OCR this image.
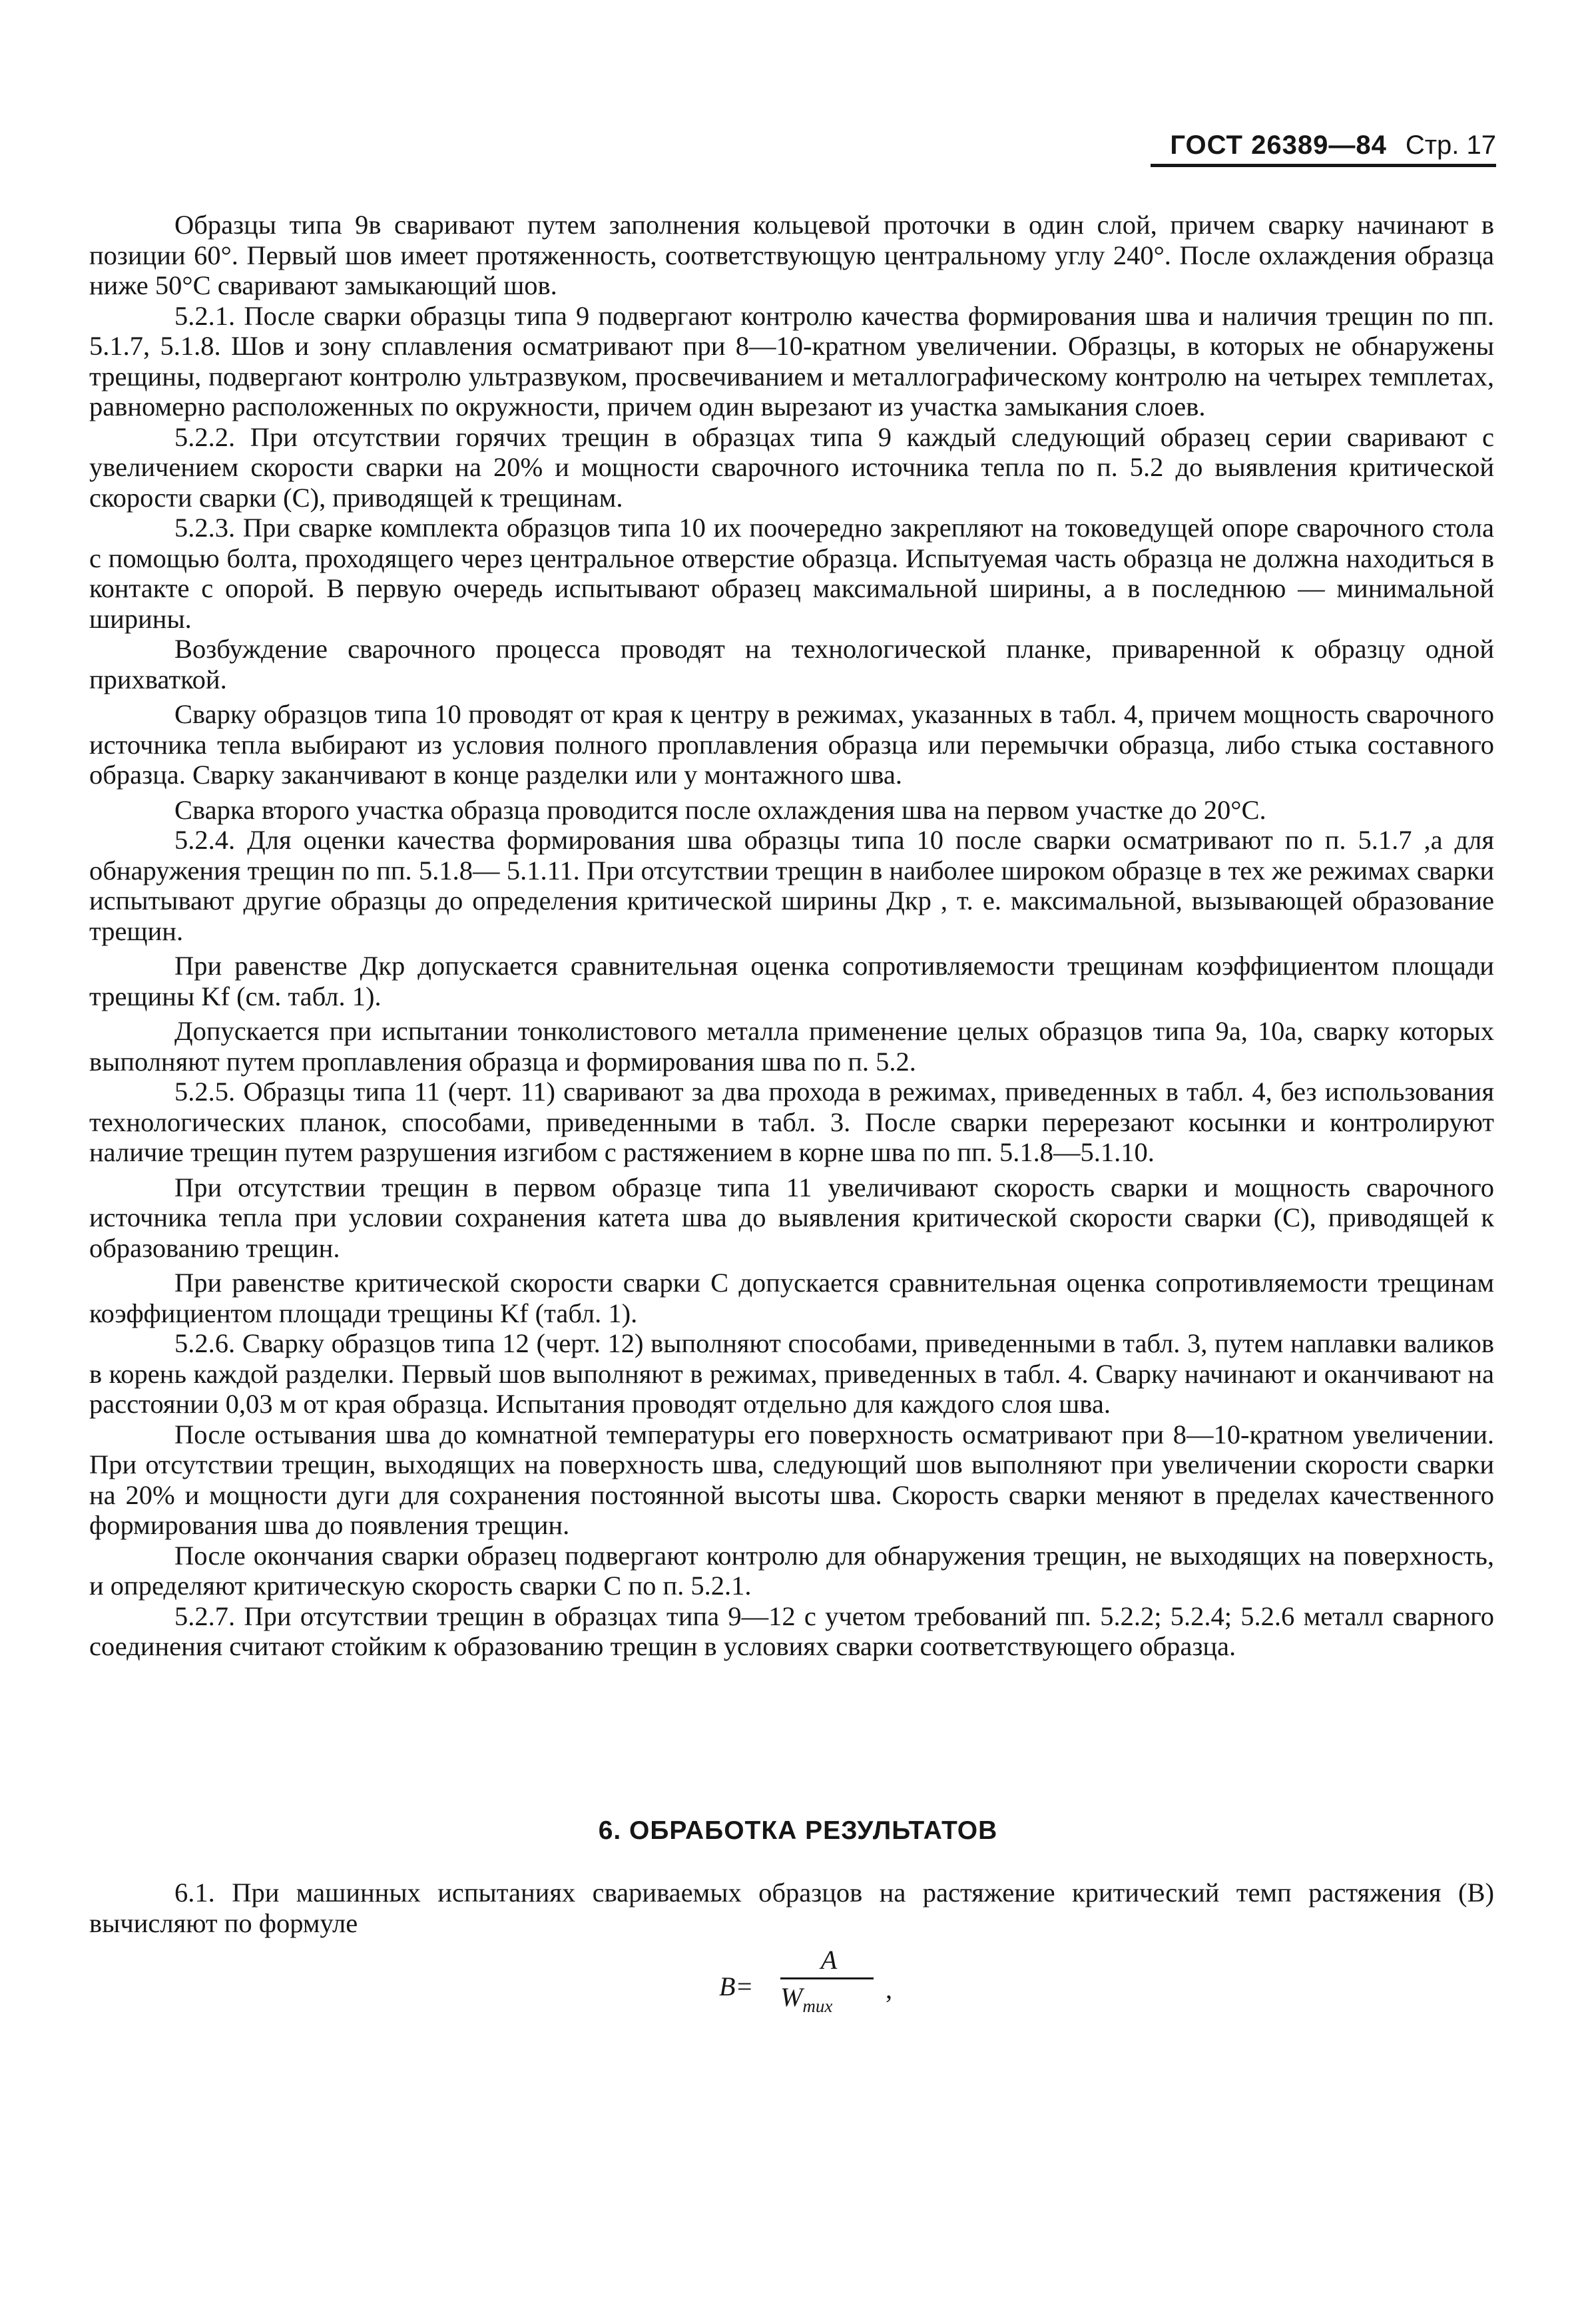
ГОСТ 26389—84 Стр. 17

Образцы типа 9в сваривают путем заполнения кольцевой проточки в один слой, причем сварку начинают в позиции 60°. Первый шов имеет протяженность, соответствующую центральному углу 240°. После охлаждения образца ниже 50°С сваривают замыкающий шов.

5.2.1. После сварки образцы типа 9 подвергают контролю качества формирования шва и наличия трещин по пп. 5.1.7, 5.1.8. Шов и зону сплавления осматривают при 8—10-кратном увеличении. Образцы, в которых не обнаружены трещины, подвергают контролю ультразвуком, просвечиванием и металлографическому контролю на четырех темплетах, равномерно расположенных по окружности, причем один вырезают из участка замыкания слоев.

5.2.2. При отсутствии горячих трещин в образцах типа 9 каждый следующий образец серии сваривают с увеличением скорости сварки на 20% и мощности сварочного источника тепла по п. 5.2 до выявления критической скорости сварки (С), приводящей к трещинам.

5.2.3. При сварке комплекта образцов типа 10 их поочередно закрепляют на токоведущей опоре сварочного стола с помощью болта, проходящего через центральное отверстие образца. Испытуемая часть образца не должна находиться в контакте с опорой. В первую очередь испытывают образец максимальной ширины, а в последнюю — минимальной ширины.

Возбуждение сварочного процесса проводят на технологической планке, приваренной к образцу одной прихваткой.

Сварку образцов типа 10 проводят от края к центру в режимах, указанных в табл. 4, причем мощность сварочного источника тепла выбирают из условия полного проплавления образца или перемычки образца, либо стыка составного образца. Сварку заканчивают в конце разделки или у монтажного шва.

Сварка второго участка образца проводится после охлаждения шва на первом участке до 20°С.

5.2.4. Для оценки качества формирования шва образцы типа 10 после сварки осматривают по п. 5.1.7 ,а для обнаружения трещин по пп. 5.1.8— 5.1.11. При отсутствии трещин в наиболее широком образце в тех же режимах сварки испытывают другие образцы до определения критической ширины Дкр , т. е. максимальной, вызывающей образование трещин.

При равенстве Дкр допускается сравнительная оценка сопротивляемости трещинам коэффициентом площади трещины Kf (см. табл. 1).

Допускается при испытании тонколистового металла применение целых образцов типа 9а, 10а, сварку которых выполняют путем проплавления образца и формирования шва по п. 5.2.

5.2.5. Образцы типа 11 (черт. 11) сваривают за два прохода в режимах, приведенных в табл. 4, без использования технологических планок, способами, приведенными в табл. 3. После сварки перерезают косынки и контролируют наличие трещин путем разрушения изгибом с растяжением в корне шва по пп. 5.1.8—5.1.10.

При отсутствии трещин в первом образце типа 11 увеличивают скорость сварки и мощность сварочного источника тепла при условии сохранения катета шва до выявления критической скорости сварки (С), приводящей к образованию трещин.

При равенстве критической скорости сварки С допускается сравнительная оценка сопротивляемости трещинам коэффициентом площади трещины Kf (табл. 1).

5.2.6. Сварку образцов типа 12 (черт. 12) выполняют способами, приведенными в табл. 3, путем наплавки валиков в корень каждой разделки. Первый шов выполняют в режимах, приведенных в табл. 4. Сварку начинают и оканчивают на расстоянии 0,03 м от края образца. Испытания проводят отдельно для каждого слоя шва.

После остывания шва до комнатной температуры его поверхность осматривают при 8—10-кратном увеличении. При отсутствии трещин, выходящих на поверхность шва, следующий шов выполняют при увеличении скорости сварки на 20% и мощности дуги для сохранения постоянной высоты шва. Скорость сварки меняют в пределах качественного формирования шва до появления трещин.

После окончания сварки образец подвергают контролю для обнаружения трещин, не выходящих на поверхность, и определяют критическую скорость сварки С по п. 5.2.1.

5.2.7. При отсутствии трещин в образцах типа 9—12 с учетом требований пп. 5.2.2; 5.2.4; 5.2.6 металл сварного соединения считают стойким к образованию трещин в условиях сварки соответствующего образца.

6. ОБРАБОТКА РЕЗУЛЬТАТОВ

6.1. При машинных испытаниях свариваемых образцов на растяжение критический темп растяжения (В) вычисляют по формуле

B=
A
$W_{тих}$
,
